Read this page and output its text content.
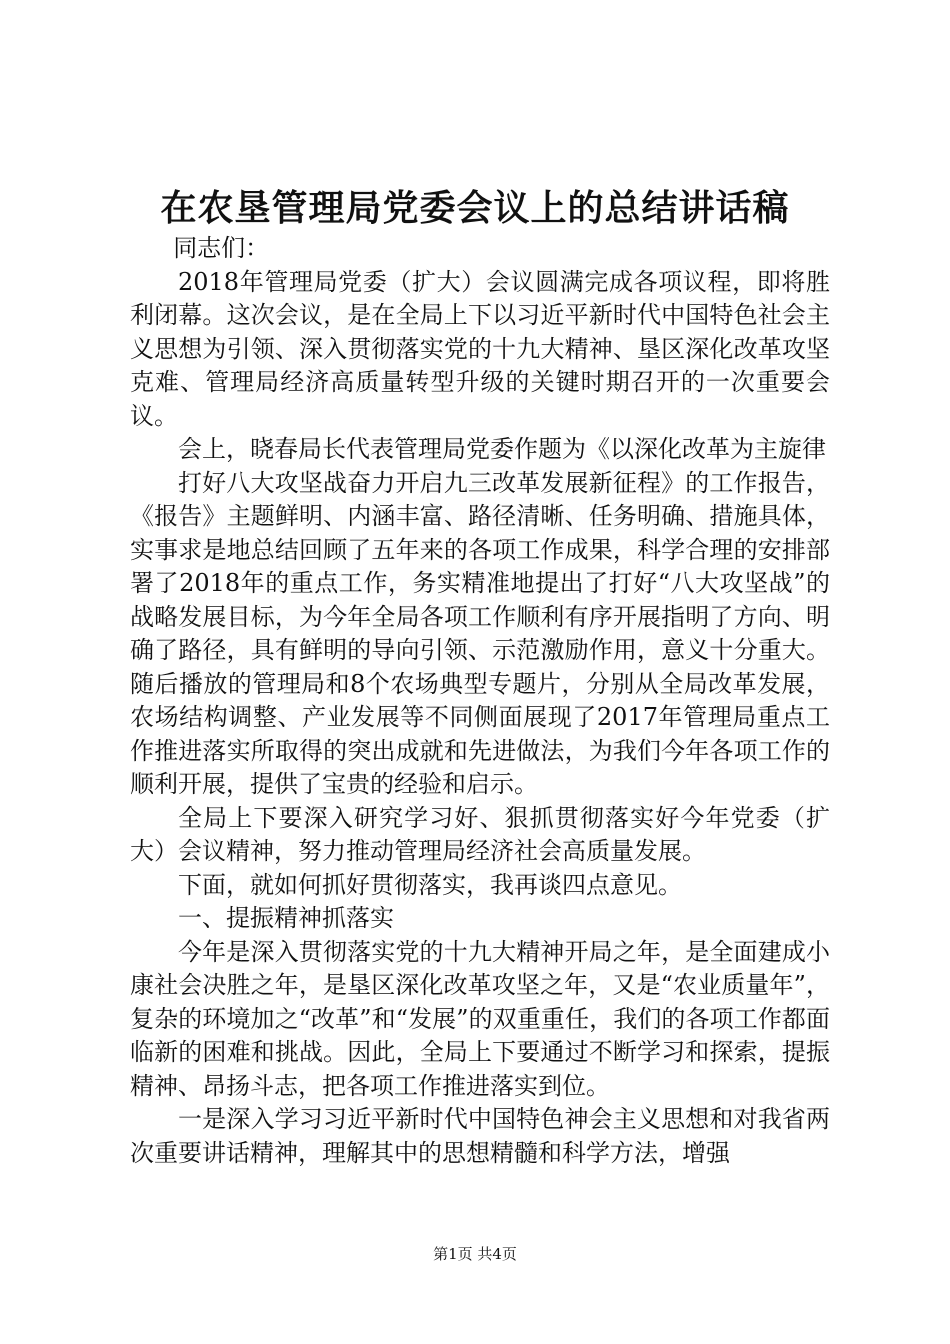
在农垦管理局党委会议上的总结讲话稿

同志们：

2018年管理局党委（扩大）会议圆满完成各项议程，即将胜利闭幕。这次会议，是在全局上下以习近平新时代中国特色社会主义思想为引领、深入贯彻落实党的十九大精神、垦区深化改革攻坚克难、管理局经济高质量转型升级的关键时期召开的一次重要会议。

会上，晓春局长代表管理局党委作题为《以深化改革为主旋律

打好八大攻坚战奋力开启九三改革发展新征程》的工作报告，《报告》主题鲜明、内涵丰富、路径清晰、任务明确、措施具体，实事求是地总结回顾了五年来的各项工作成果，科学合理的安排部署了2018年的重点工作，务实精准地提出了打好“八大攻坚战”的战略发展目标，为今年全局各项工作顺利有序开展指明了方向、明确了路径，具有鲜明的导向引领、示范激励作用，意义十分重大。随后播放的管理局和8个农场典型专题片，分别从全局改革发展，农场结构调整、产业发展等不同侧面展现了2017年管理局重点工作推进落实所取得的突出成就和先进做法，为我们今年各项工作的顺利开展，提供了宝贵的经验和启示。

全局上下要深入研究学习好、狠抓贯彻落实好今年党委（扩大）会议精神，努力推动管理局经济社会高质量发展。

下面，就如何抓好贯彻落实，我再谈四点意见。

一、提振精神抓落实

今年是深入贯彻落实党的十九大精神开局之年，是全面建成小康社会决胜之年，是垦区深化改革攻坚之年，又是“农业质量年”，复杂的环境加之“改革”和“发展”的双重重任，我们的各项工作都面临新的困难和挑战。因此，全局上下要通过不断学习和探索，提振精神、昂扬斗志，把各项工作推进落实到位。

一是深入学习习近平新时代中国特色神会主义思想和对我省两次重要讲话精神，理解其中的思想精髓和科学方法，增强

第1页 共4页
